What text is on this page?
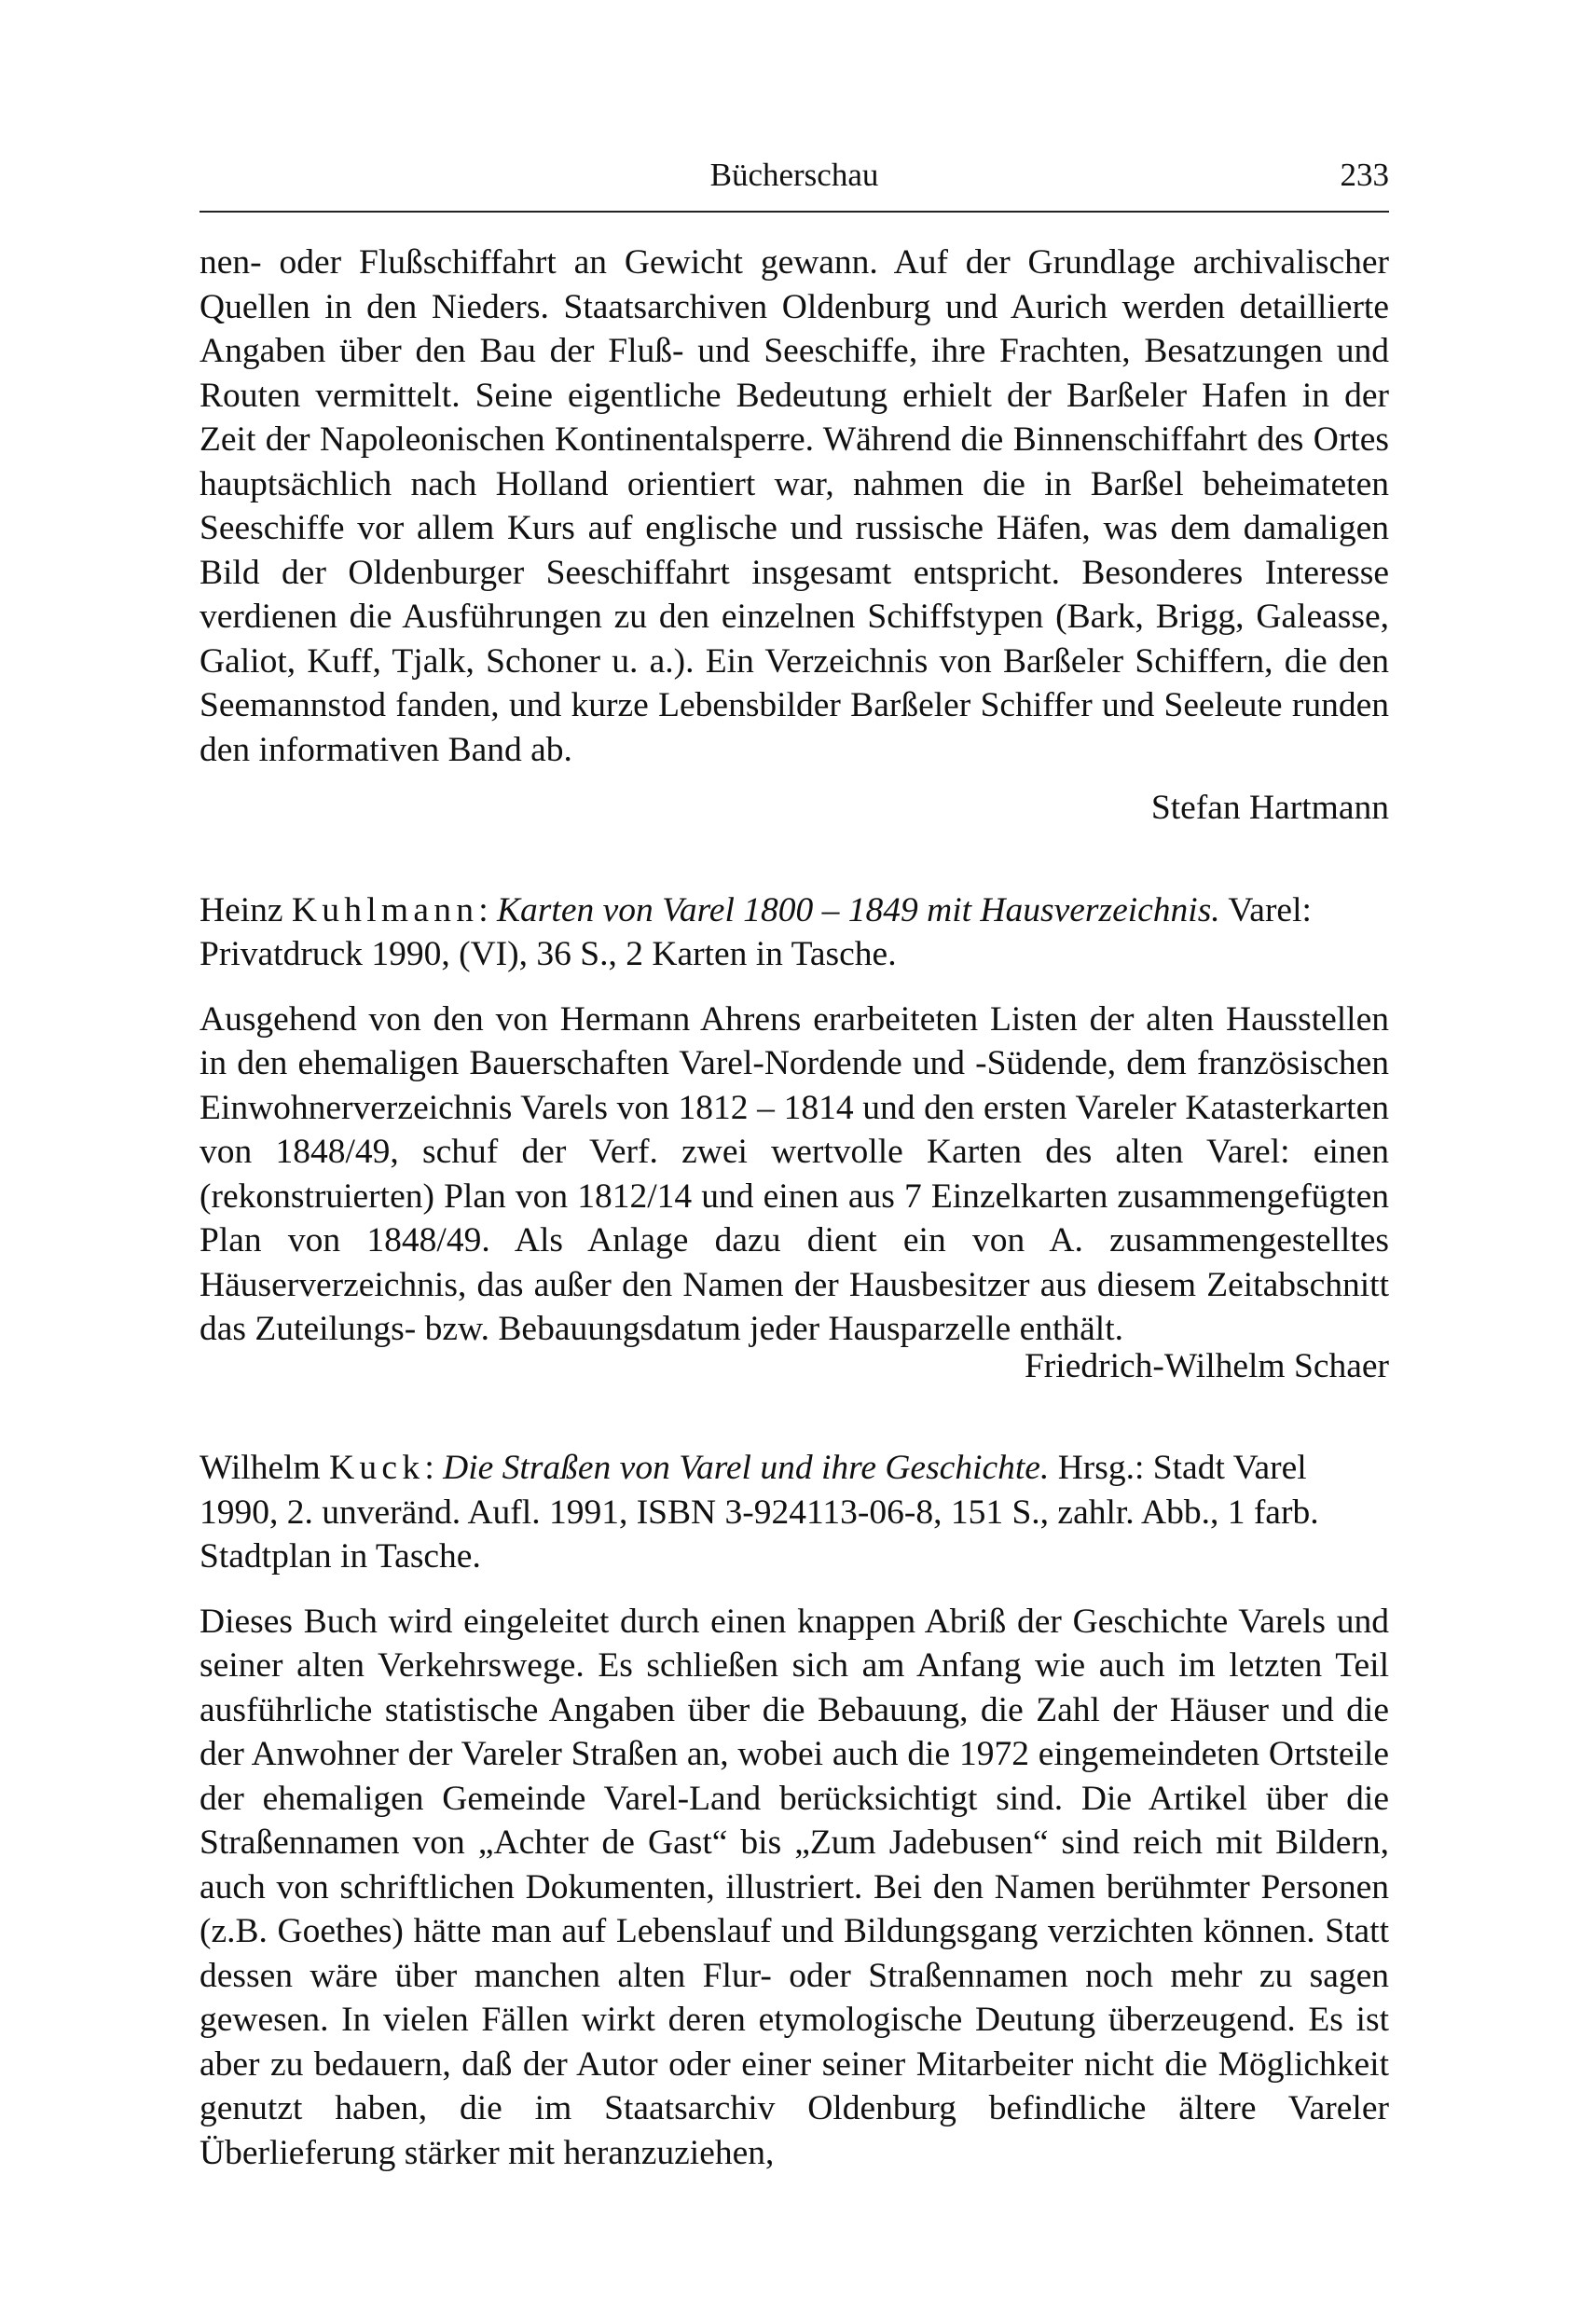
Bücherschau	233

nen- oder Flußschiffahrt an Gewicht gewann. Auf der Grundlage archivalischer Quellen in den Nieders. Staatsarchiven Oldenburg und Aurich werden detaillierte Angaben über den Bau der Fluß- und Seeschiffe, ihre Frachten, Besatzungen und Routen vermittelt. Seine eigentliche Bedeutung erhielt der Barßeler Hafen in der Zeit der Napoleonischen Kontinentalsperre. Während die Binnenschiffahrt des Ortes hauptsächlich nach Holland orientiert war, nahmen die in Barßel beheimateten Seeschiffe vor allem Kurs auf englische und russische Häfen, was dem damaligen Bild der Oldenburger Seeschiffahrt insgesamt entspricht. Besonderes Interesse verdienen die Ausführungen zu den einzelnen Schiffstypen (Bark, Brigg, Galeasse, Galiot, Kuff, Tjalk, Schoner u. a.). Ein Verzeichnis von Barßeler Schiffern, die den Seemannstod fanden, und kurze Lebensbilder Barßeler Schiffer und Seeleute runden den informativen Band ab.

Stefan Hartmann

Heinz Kuhlmann: Karten von Varel 1800 – 1849 mit Hausverzeichnis. Varel: Privatdruck 1990, (VI), 36 S., 2 Karten in Tasche.

Ausgehend von den von Hermann Ahrens erarbeiteten Listen der alten Hausstellen in den ehemaligen Bauerschaften Varel-Nordende und -Südende, dem französischen Einwohnerverzeichnis Varels von 1812 – 1814 und den ersten Vareler Katasterkarten von 1848/49, schuf der Verf. zwei wertvolle Karten des alten Varel: einen (rekonstruierten) Plan von 1812/14 und einen aus 7 Einzelkarten zusammengefügten Plan von 1848/49. Als Anlage dazu dient ein von A. zusammengestelltes Häuserverzeichnis, das außer den Namen der Hausbesitzer aus diesem Zeitabschnitt das Zuteilungs- bzw. Bebauungsdatum jeder Hausparzelle enthält.

Friedrich-Wilhelm Schaer

Wilhelm Kuck: Die Straßen von Varel und ihre Geschichte. Hrsg.: Stadt Varel 1990, 2. unveränd. Aufl. 1991, ISBN 3-924113-06-8, 151 S., zahlr. Abb., 1 farb. Stadtplan in Tasche.

Dieses Buch wird eingeleitet durch einen knappen Abriß der Geschichte Varels und seiner alten Verkehrswege. Es schließen sich am Anfang wie auch im letzten Teil ausführliche statistische Angaben über die Bebauung, die Zahl der Häuser und die der Anwohner der Vareler Straßen an, wobei auch die 1972 eingemeindeten Ortsteile der ehemaligen Gemeinde Varel-Land berücksichtigt sind. Die Artikel über die Straßennamen von „Achter de Gast“ bis „Zum Jadebusen“ sind reich mit Bildern, auch von schriftlichen Dokumenten, illustriert. Bei den Namen berühmter Personen (z.B. Goethes) hätte man auf Lebenslauf und Bildungsgang verzichten können. Statt dessen wäre über manchen alten Flur- oder Straßennamen noch mehr zu sagen gewesen. In vielen Fällen wirkt deren etymologische Deutung überzeugend. Es ist aber zu bedauern, daß der Autor oder einer seiner Mitarbeiter nicht die Möglichkeit genutzt haben, die im Staatsarchiv Oldenburg befindliche ältere Vareler Überlieferung stärker mit heranzuziehen,
